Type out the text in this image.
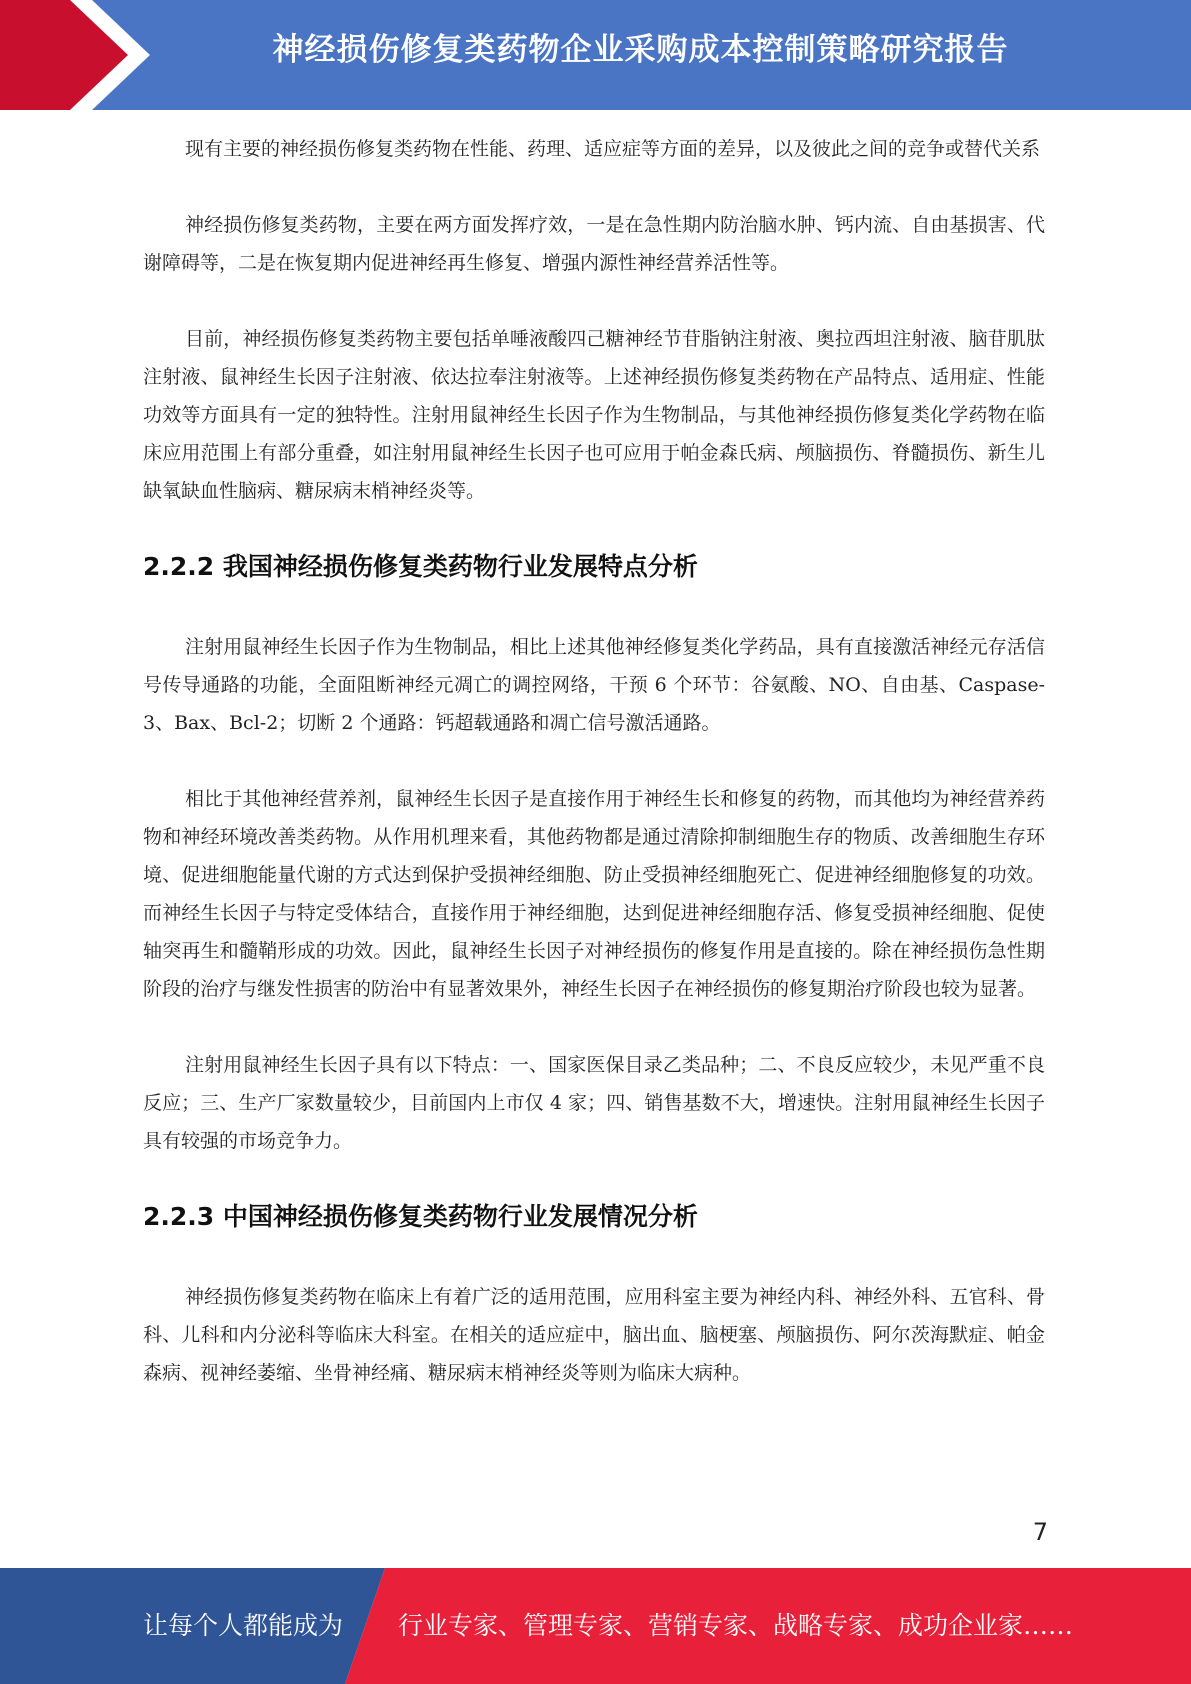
神经损伤修复类药物企业采购成本控制策略研究报告

现有主要的神经损伤修复类药物在性能、药理、适应症等方面的差异，以及彼此之间的竞争或替代关系

神经损伤修复类药物，主要在两方面发挥疗效，一是在急性期内防治脑水肿、钙内流、自由基损害、代谢障碍等，二是在恢复期内促进神经再生修复、增强内源性神经营养活性等。

目前，神经损伤修复类药物主要包括单唾液酸四己糖神经节苷脂钠注射液、奥拉西坦注射液、脑苷肌肽注射液、鼠神经生长因子注射液、依达拉奉注射液等。上述神经损伤修复类药物在产品特点、适用症、性能功效等方面具有一定的独特性。注射用鼠神经生长因子作为生物制品，与其他神经损伤修复类化学药物在临床应用范围上有部分重叠，如注射用鼠神经生长因子也可应用于帕金森氏病、颅脑损伤、脊髓损伤、新生儿缺氧缺血性脑病、糖尿病末梢神经炎等。

2.2.2 我国神经损伤修复类药物行业发展特点分析

注射用鼠神经生长因子作为生物制品，相比上述其他神经修复类化学药品，具有直接激活神经元存活信号传导通路的功能，全面阻断神经元凋亡的调控网络，干预 6 个环节：谷氨酸、NO、自由基、Caspase-3、Bax、Bcl-2；切断 2 个通路：钙超载通路和凋亡信号激活通路。

相比于其他神经营养剂，鼠神经生长因子是直接作用于神经生长和修复的药物，而其他均为神经营养药物和神经环境改善类药物。从作用机理来看，其他药物都是通过清除抑制细胞生存的物质、改善细胞生存环境、促进细胞能量代谢的方式达到保护受损神经细胞、防止受损神经细胞死亡、促进神经细胞修复的功效。而神经生长因子与特定受体结合，直接作用于神经细胞，达到促进神经细胞存活、修复受损神经细胞、促使轴突再生和髓鞘形成的功效。因此，鼠神经生长因子对神经损伤的修复作用是直接的。除在神经损伤急性期阶段的治疗与继发性损害的防治中有显著效果外，神经生长因子在神经损伤的修复期治疗阶段也较为显著。

注射用鼠神经生长因子具有以下特点：一、国家医保目录乙类品种；二、不良反应较少，未见严重不良反应；三、生产厂家数量较少，目前国内上市仅 4 家；四、销售基数不大，增速快。注射用鼠神经生长因子具有较强的市场竞争力。

2.2.3 中国神经损伤修复类药物行业发展情况分析

神经损伤修复类药物在临床上有着广泛的适用范围，应用科室主要为神经内科、神经外科、五官科、骨科、儿科和内分泌科等临床大科室。在相关的适应症中，脑出血、脑梗塞、颅脑损伤、阿尔茨海默症、帕金森病、视神经萎缩、坐骨神经痛、糖尿病末梢神经炎等则为临床大病种。

7
让每个人都能成为 行业专家、管理专家、营销专家、战略专家、成功企业家……
